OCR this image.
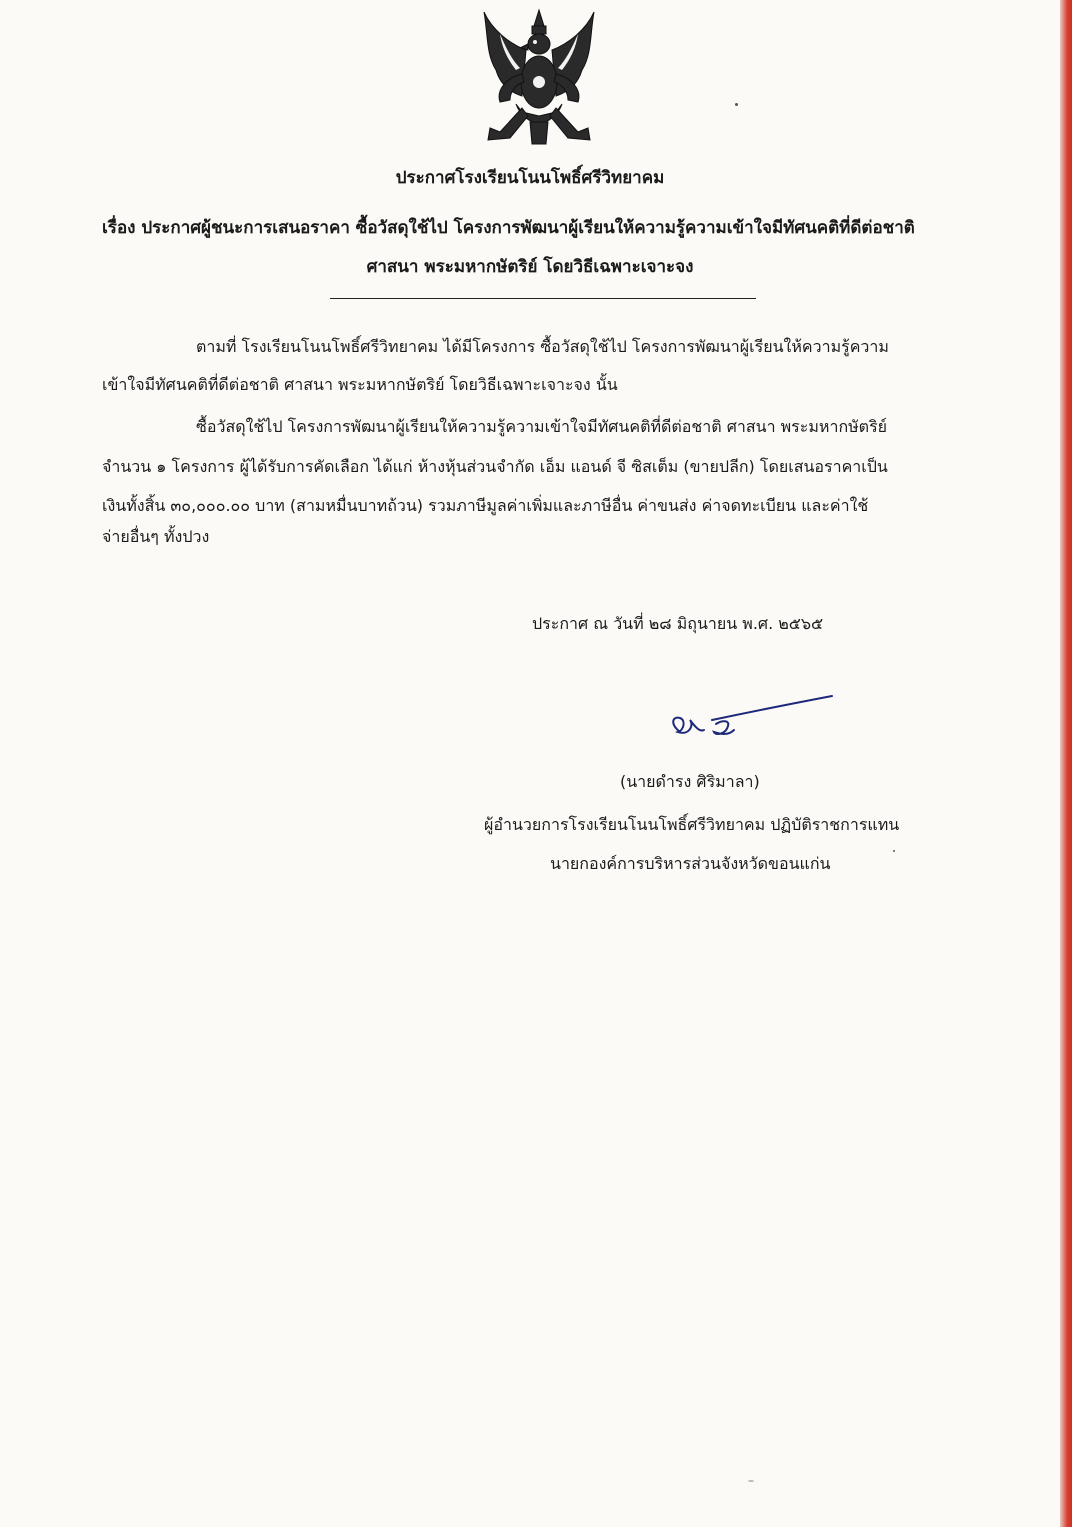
ประกาศโรงเรียนโนนโพธิ์ศรีวิทยาคม
เรื่อง ประกาศผู้ชนะการเสนอราคา ซื้อวัสดุใช้ไป โครงการพัฒนาผู้เรียนให้ความรู้ความเข้าใจมีทัศนคติที่ดีต่อชาติ
ศาสนา พระมหากษัตริย์ โดยวิธีเฉพาะเจาะจง
ตามที่ โรงเรียนโนนโพธิ์ศรีวิทยาคม ได้มีโครงการ ซื้อวัสดุใช้ไป โครงการพัฒนาผู้เรียนให้ความรู้ความ
เข้าใจมีทัศนคติที่ดีต่อชาติ ศาสนา พระมหากษัตริย์ โดยวิธีเฉพาะเจาะจง นั้น
ซื้อวัสดุใช้ไป โครงการพัฒนาผู้เรียนให้ความรู้ความเข้าใจมีทัศนคติที่ดีต่อชาติ ศาสนา พระมหากษัตริย์
จำนวน ๑ โครงการ ผู้ได้รับการคัดเลือก ได้แก่ ห้างหุ้นส่วนจำกัด เอ็ม แอนด์ จี ซิสเต็ม (ขายปลีก) โดยเสนอราคาเป็น
เงินทั้งสิ้น ๓๐,๐๐๐.๐๐ บาท (สามหมื่นบาทถ้วน) รวมภาษีมูลค่าเพิ่มและภาษีอื่น ค่าขนส่ง ค่าจดทะเบียน และค่าใช้
จ่ายอื่นๆ ทั้งปวง
ประกาศ ณ วันที่ ๒๘ มิถุนายน พ.ศ. ๒๕๖๕
(นายดำรง ศิริมาลา)
ผู้อำนวยการโรงเรียนโนนโพธิ์ศรีวิทยาคม ปฏิบัติราชการแทน
นายกองค์การบริหารส่วนจังหวัดขอนแก่น
